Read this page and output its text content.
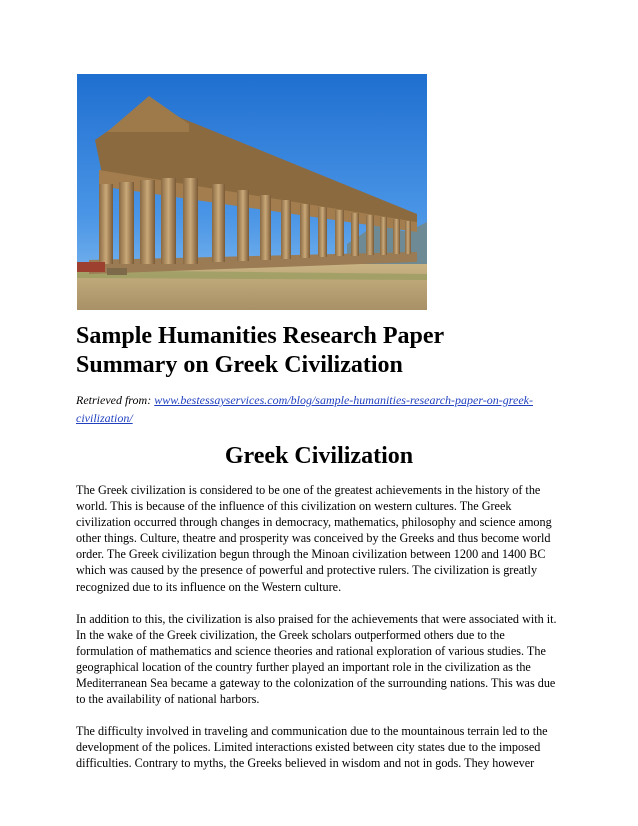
Sample Humanities Research Paper
Summary on Greek Civilization

Retrieved from: www.bestessayservices.com/blog/sample-humanities-research-paper-on-greek-civilization/

Greek Civilization

The Greek civilization is considered to be one of the greatest achievements in the history of the world. This is because of the influence of this civilization on western cultures. The Greek civilization occurred through changes in democracy, mathematics, philosophy and science among other things. Culture, theatre and prosperity was conceived by the Greeks and thus become world order. The Greek civilization begun through the Minoan civilization between 1200 and 1400 BC which was caused by the presence of powerful and protective rulers. The civilization is greatly recognized due to its influence on the Western culture.

In addition to this, the civilization is also praised for the achievements that were associated with it. In the wake of the Greek civilization, the Greek scholars outperformed others due to the formulation of mathematics and science theories and rational exploration of various studies. The geographical location of the country further played an important role in the civilization as the Mediterranean Sea became a gateway to the colonization of the surrounding nations. This was due to the availability of national harbors.

The difficulty involved in traveling and communication due to the mountainous terrain led to the development of the polices. Limited interactions existed between city states due to the imposed difficulties. Contrary to myths, the Greeks believed in wisdom and not in gods. They however
